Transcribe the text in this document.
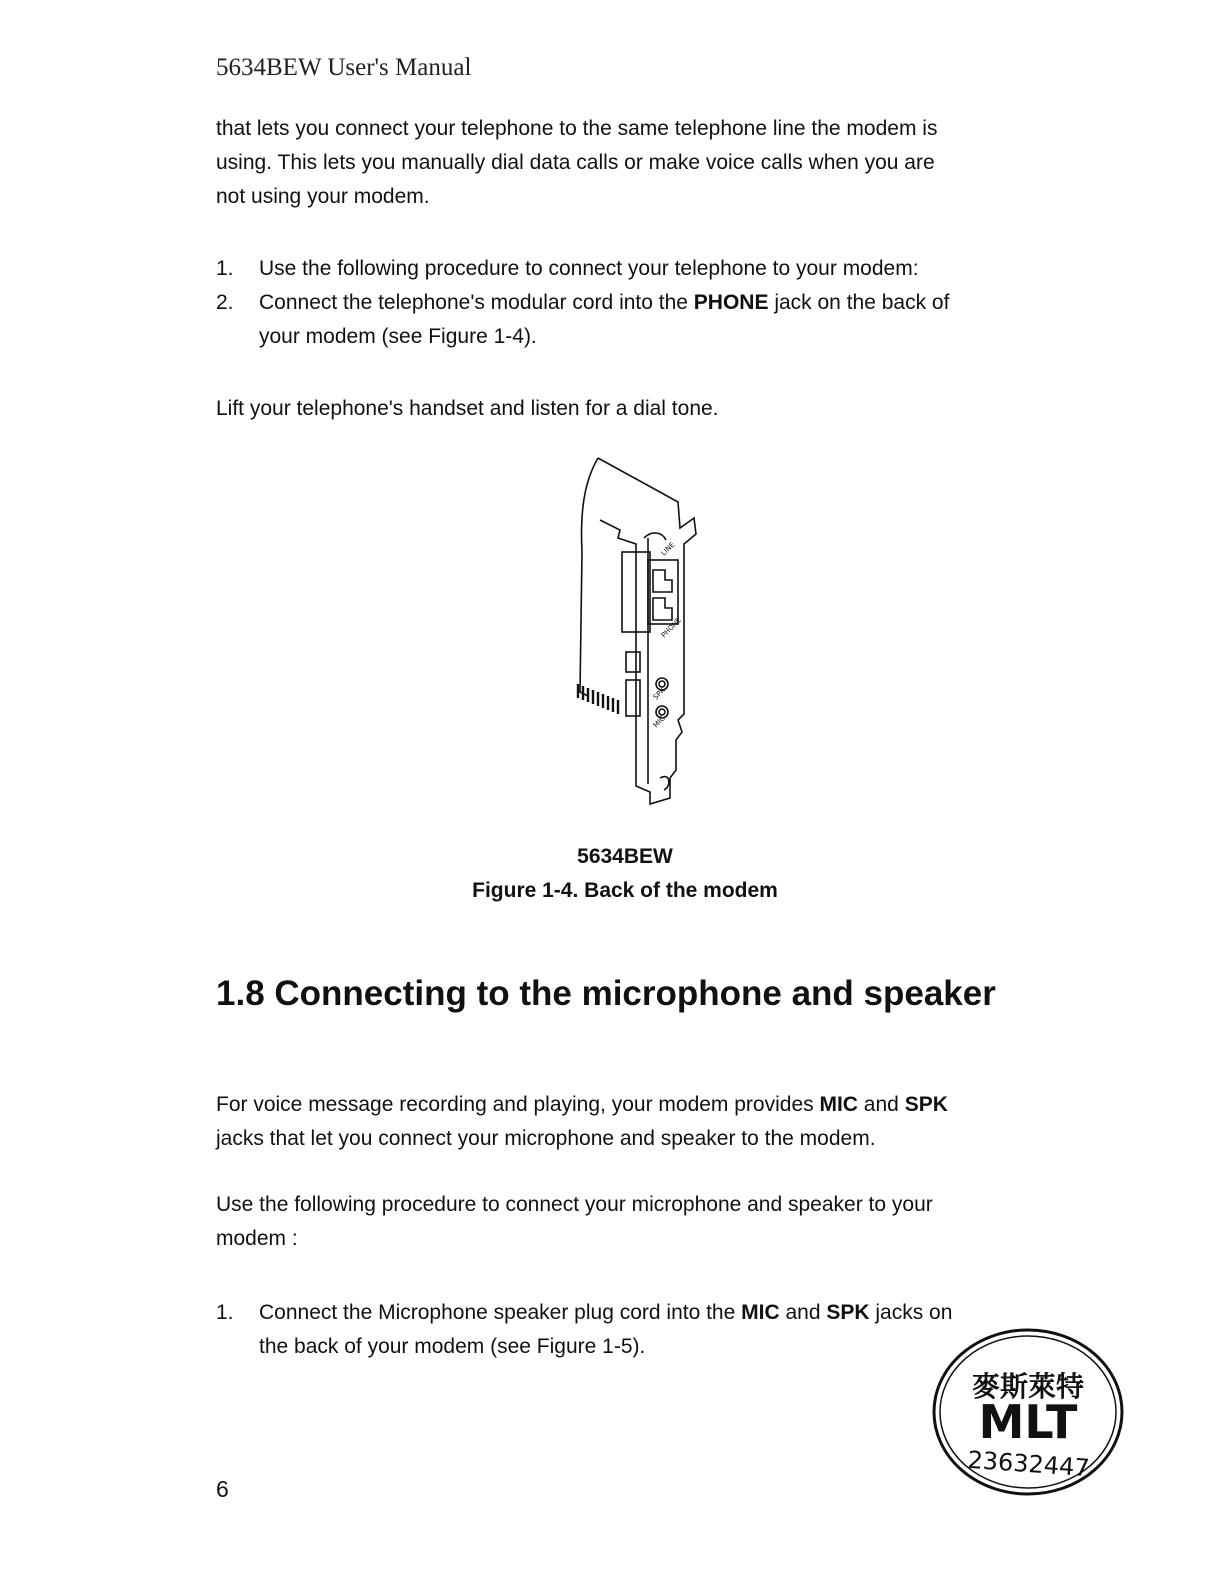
5634BEW User's Manual

that lets you connect your telephone to the same telephone line the modem is

using. This lets you manually dial data calls or make voice calls when you are

not using your modem.

1. Use the following procedure to connect your telephone to your modem:
2. Connect the telephone's modular cord into the PHONE jack on the back of
your modem (see Figure 1-4).
Lift your telephone's handset and listen for a dial tone.
LINE
PHONE
SPK
MIC
5634BEW
Figure 1-4. Back of the modem
1.8 Connecting to the microphone and speaker

For voice message recording and playing, your modem provides MIC and SPK

jacks that let you connect your microphone and speaker to the modem.

Use the following procedure to connect your microphone and speaker to your

modem :

1. Connect the Microphone speaker plug cord into the MIC and SPK jacks on
the back of your modem (see Figure 1-5).
6
麥斯萊特
MLT
23632447
